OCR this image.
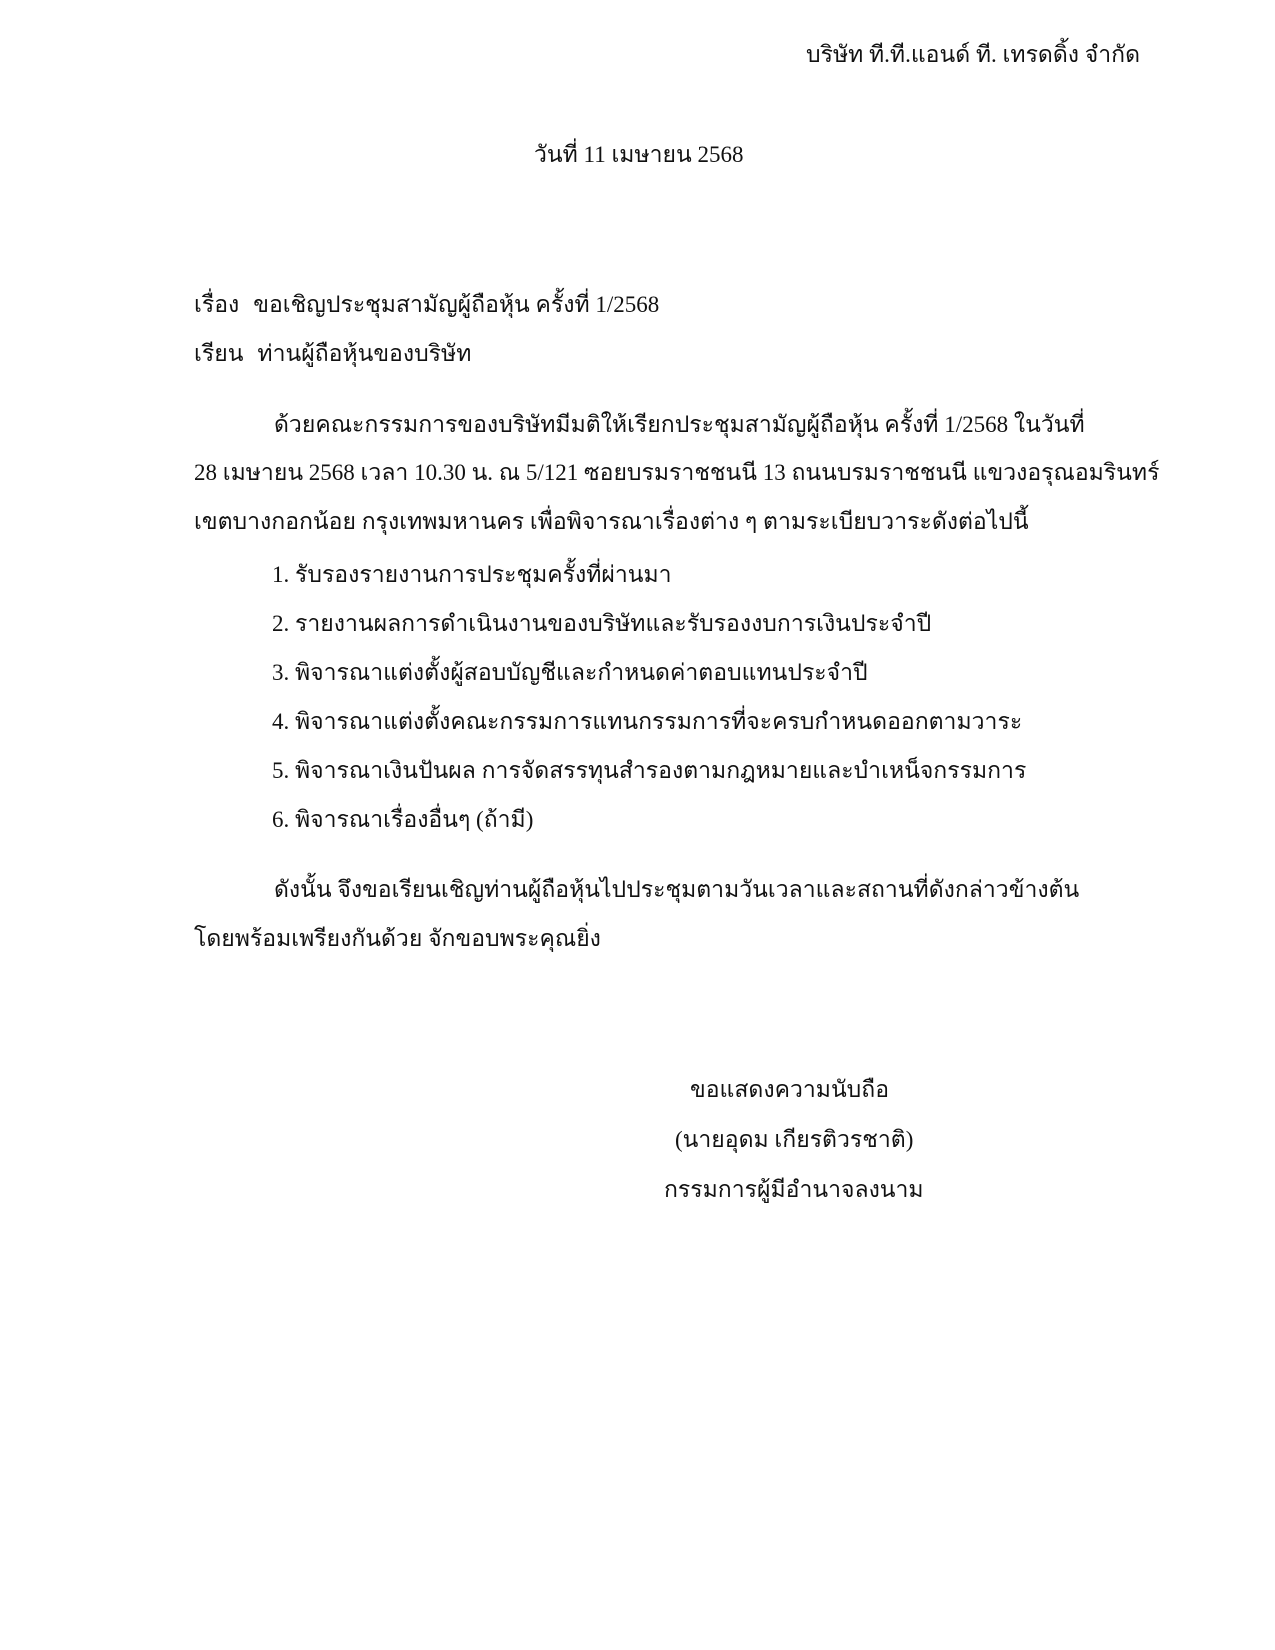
บริษัท ที.ที.แอนด์ ที. เทรดดิ้ง จำกัด
วันที่ 11 เมษายน 2568
เรื่อง ขอเชิญประชุมสามัญผู้ถือหุ้น ครั้งที่ 1/2568
เรียน ท่านผู้ถือหุ้นของบริษัท
ด้วยคณะกรรมการของบริษัทมีมติให้เรียกประชุมสามัญผู้ถือหุ้น ครั้งที่ 1/2568 ในวันที่
28 เมษายน 2568 เวลา 10.30 น. ณ 5/121 ซอยบรมราชชนนี 13 ถนนบรมราชชนนี แขวงอรุณอมรินทร์
เขตบางกอกน้อย กรุงเทพมหานคร เพื่อพิจารณาเรื่องต่าง ๆ ตามระเบียบวาระดังต่อไปนี้
1. รับรองรายงานการประชุมครั้งที่ผ่านมา
2. รายงานผลการดำเนินงานของบริษัทและรับรองงบการเงินประจำปี
3. พิจารณาแต่งตั้งผู้สอบบัญชีและกำหนดค่าตอบแทนประจำปี
4. พิจารณาแต่งตั้งคณะกรรมการแทนกรรมการที่จะครบกำหนดออกตามวาระ
5. พิจารณาเงินปันผล การจัดสรรทุนสำรองตามกฎหมายและบำเหน็จกรรมการ
6. พิจารณาเรื่องอื่นๆ (ถ้ามี)
ดังนั้น จึงขอเรียนเชิญท่านผู้ถือหุ้นไปประชุมตามวันเวลาและสถานที่ดังกล่าวข้างต้น
โดยพร้อมเพรียงกันด้วย จักขอบพระคุณยิ่ง
ขอแสดงความนับถือ
(นายอุดม เกียรติวรชาติ)
กรรมการผู้มีอำนาจลงนาม
